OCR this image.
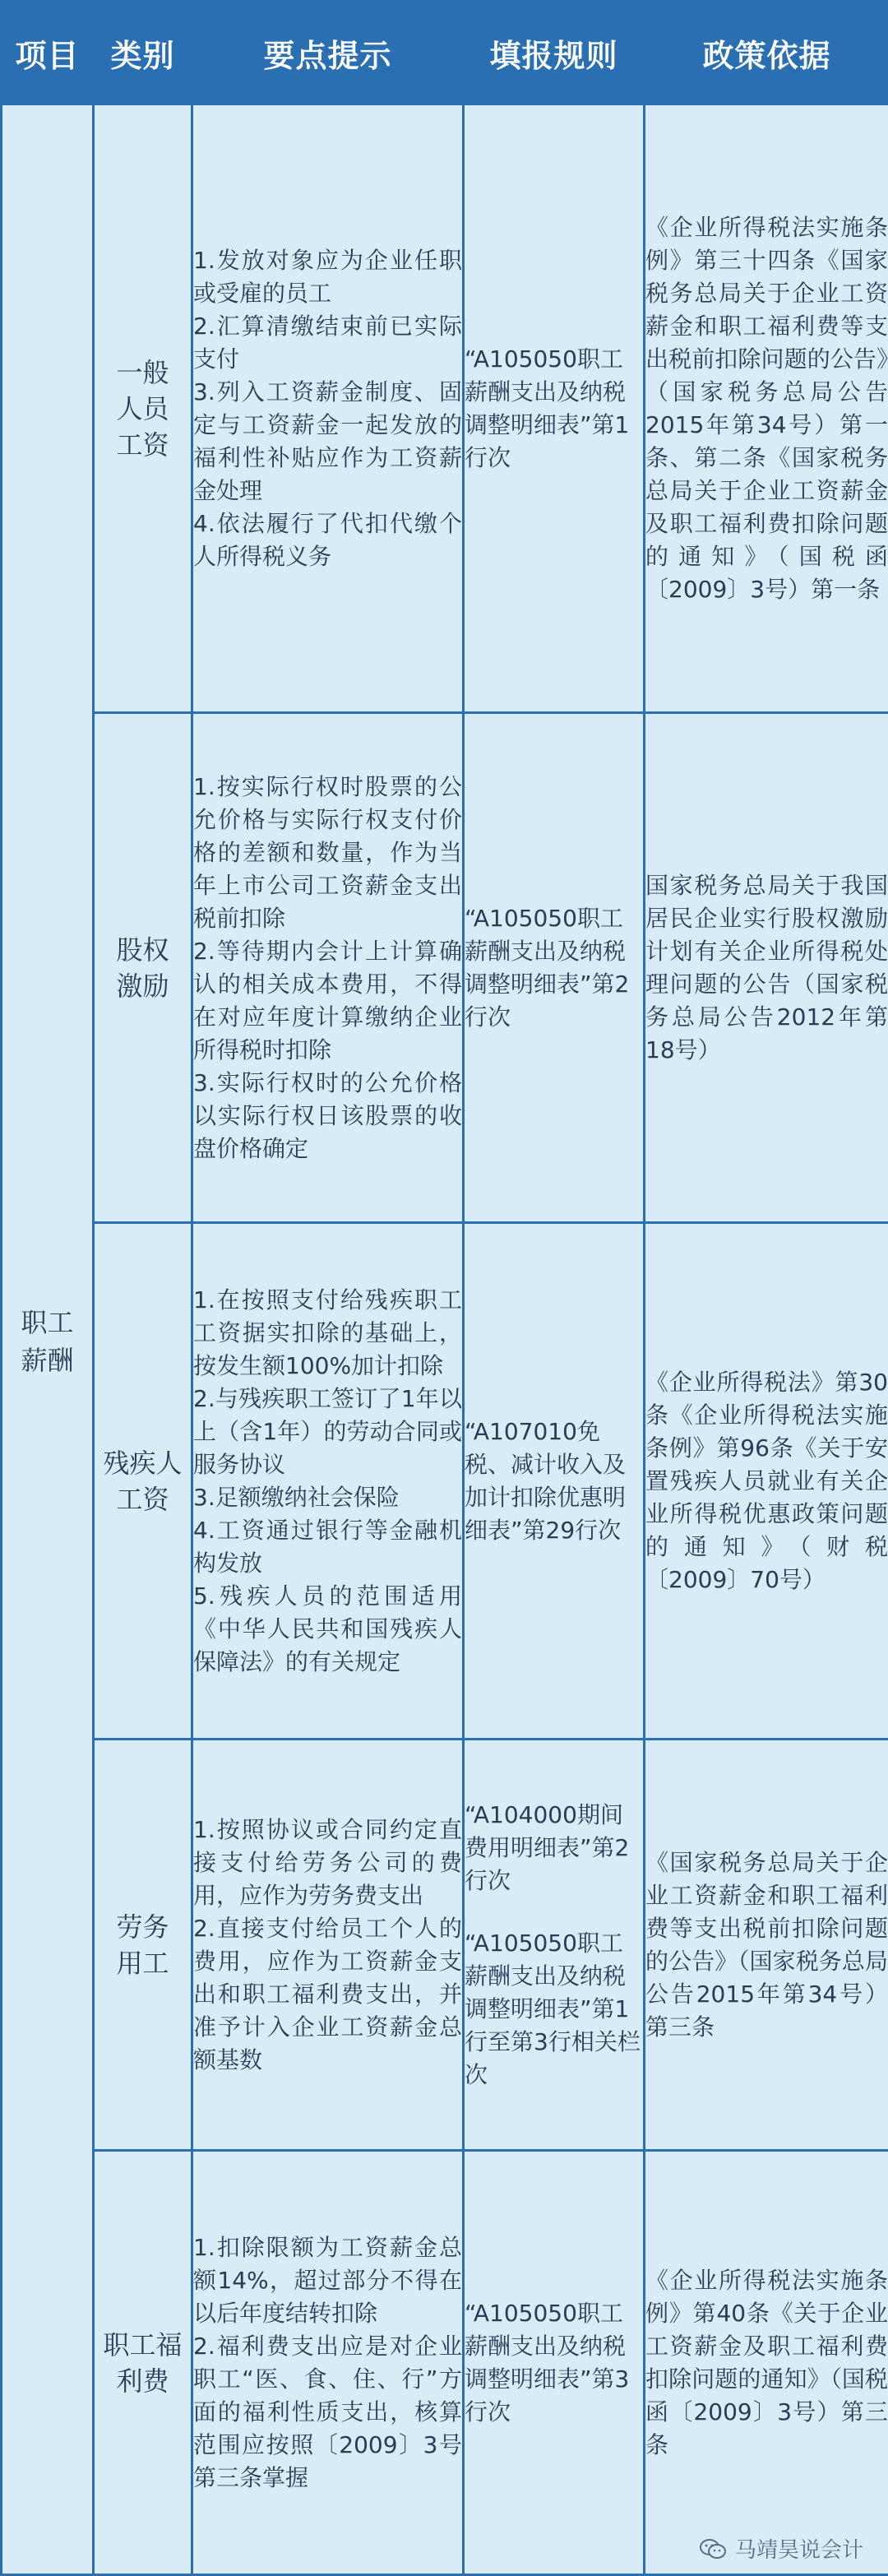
项目	类别	要点提示	填报规则	政策依据
职工薪酬	一般人员工资	1.发放对象应为企业任职或受雇的员工
2.汇算清缴结束前已实际支付
3.列入工资薪金制度、固定与工资薪金一起发放的福利性补贴应作为工资薪金处理
4.依法履行了代扣代缴个人所得税义务	“A105050职工薪酬支出及纳税调整明细表”第1行次	《企业所得税法实施条例》第三十四条《国家税务总局关于企业工资薪金和职工福利费等支出税前扣除问题的公告》（国家税务总局公告2015年第34号）第一条、第二条《国家税务总局关于企业工资薪金及职工福利费扣除问题的通知》（国税函〔2009〕3号）第一条

	股权激励	1.按实际行权时股票的公允价格与实际行权支付价格的差额和数量，作为当年上市公司工资薪金支出税前扣除
2.等待期内会计上计算确认的相关成本费用，不得在对应年度计算缴纳企业所得税时扣除
3.实际行权时的公允价格以实际行权日该股票的收盘价格确定	“A105050职工薪酬支出及纳税调整明细表”第2行次	国家税务总局关于我国居民企业实行股权激励计划有关企业所得税处理问题的公告（国家税务总局公告2012年第18号）

	残疾人工资	1.在按照支付给残疾职工工资据实扣除的基础上，按发生额100%加计扣除
2.与残疾职工签订了1年以上（含1年）的劳动合同或服务协议
3.足额缴纳社会保险
4.工资通过银行等金融机构发放
5.残疾人员的范围适用《中华人民共和国残疾人保障法》的有关规定	“A107010免税、减计收入及加计扣除优惠明细表”第29行次	《企业所得税法》第30条《企业所得税法实施条例》第96条《关于安置残疾人员就业有关企业所得税优惠政策问题的通知》（财税〔2009〕70号）

	劳务用工	1.按照协议或合同约定直接支付给劳务公司的费用，应作为劳务费支出
2.直接支付给员工个人的费用，应作为工资薪金支出和职工福利费支出，并准予计入企业工资薪金总额基数	“A104000期间费用明细表”第2行次
“A105050职工薪酬支出及纳税调整明细表”第1行至第3行相关栏次	《国家税务总局关于企业工资薪金和职工福利费等支出税前扣除问题的公告》（国家税务总局公告2015年第34号）第三条

	职工福利费	1.扣除限额为工资薪金总额14%，超过部分不得在以后年度结转扣除
2.福利费支出应是对企业职工“医、食、住、行”方面的福利性质支出，核算范围应按照〔2009〕3号第三条掌握	“A105050职工薪酬支出及纳税调整明细表”第3行次	《企业所得税法实施条例》第40条《关于企业工资薪金及职工福利费扣除问题的通知》（国税函〔2009〕3号）第三条
马靖昊说会计
